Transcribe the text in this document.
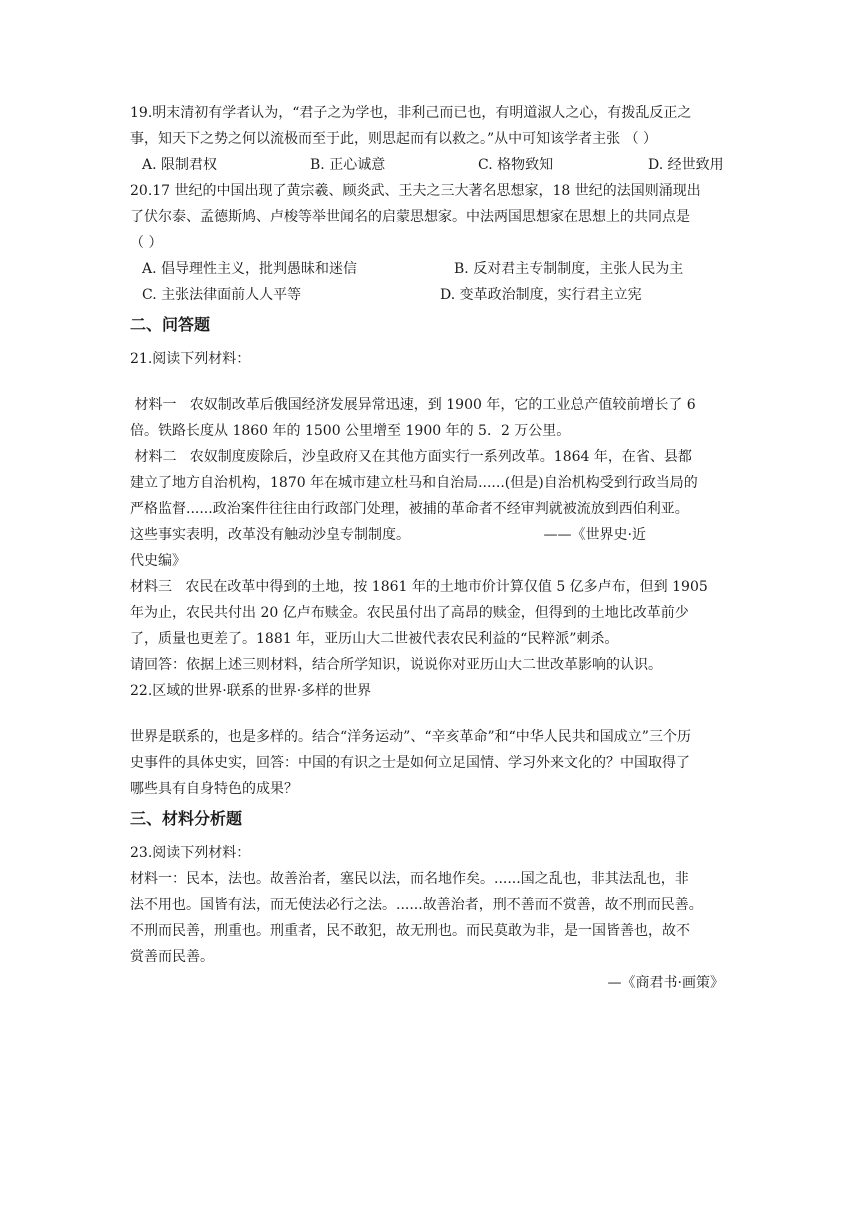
19.明末清初有学者认为，“君子之为学也，非利己而已也，有明道淑人之心，有拨乱反正之
事，知天下之势之何以流极而至于此，则思起而有以救之。”从中可知该学者主张 （ ）
A. 限制君权	B. 正心诚意	C. 格物致知	D. 经世致用
20.17 世纪的中国出现了黄宗羲、顾炎武、王夫之三大著名思想家，18 世纪的法国则涌现出
了伏尔泰、孟德斯鸠、卢梭等举世闻名的启蒙思想家。中法两国思想家在思想上的共同点是
（ ）
A. 倡导理性主义，批判愚昧和迷信	B. 反对君主专制制度，主张人民为主
C. 主张法律面前人人平等	D. 变革政治制度，实行君主立宪
二、问答题
21.阅读下列材料：
材料一   农奴制改革后俄国经济发展异常迅速，到 1900 年，它的工业总产值较前增长了 6
倍。铁路长度从 1860 年的 1500 公里增至 1900 年的 5．2 万公里。
材料二   农奴制度废除后，沙皇政府又在其他方面实行一系列改革。1864 年，在省、县都
建立了地方自治机构，1870 年在城市建立杜马和自治局......(但是)自治机构受到行政当局的
严格监督......政治案件往往由行政部门处理，被捕的革命者不经审判就被流放到西伯利亚。
这些事实表明，改革没有触动沙皇专制制度。                              ——《世界史·近
代史编》
材料三   农民在改革中得到的土地，按 1861 年的土地市价计算仅值 5 亿多卢布，但到 1905
年为止，农民共付出 20 亿卢布赎金。农民虽付出了高昂的赎金，但得到的土地比改革前少
了，质量也更差了。1881 年，亚历山大二世被代表农民利益的“民粹派”刺杀。
请回答：依据上述三则材料，结合所学知识，说说你对亚历山大二世改革影响的认识。
22.区域的世界·联系的世界·多样的世界
世界是联系的，也是多样的。结合“洋务运动”、“辛亥革命”和“中华人民共和国成立”三个历
史事件的具体史实，回答：中国的有识之士是如何立足国情、学习外来文化的？中国取得了
哪些具有自身特色的成果？
三、材料分析题
23.阅读下列材料：
材料一：民本，法也。故善治者，塞民以法，而名地作矣。......国之乱也，非其法乱也，非
法不用也。国皆有法，而无使法必行之法。......故善治者，刑不善而不赏善，故不刑而民善。
不刑而民善，刑重也。刑重者，民不敢犯，故无刑也。而民莫敢为非，是一国皆善也，故不
赏善而民善。
—《商君书·画策》
